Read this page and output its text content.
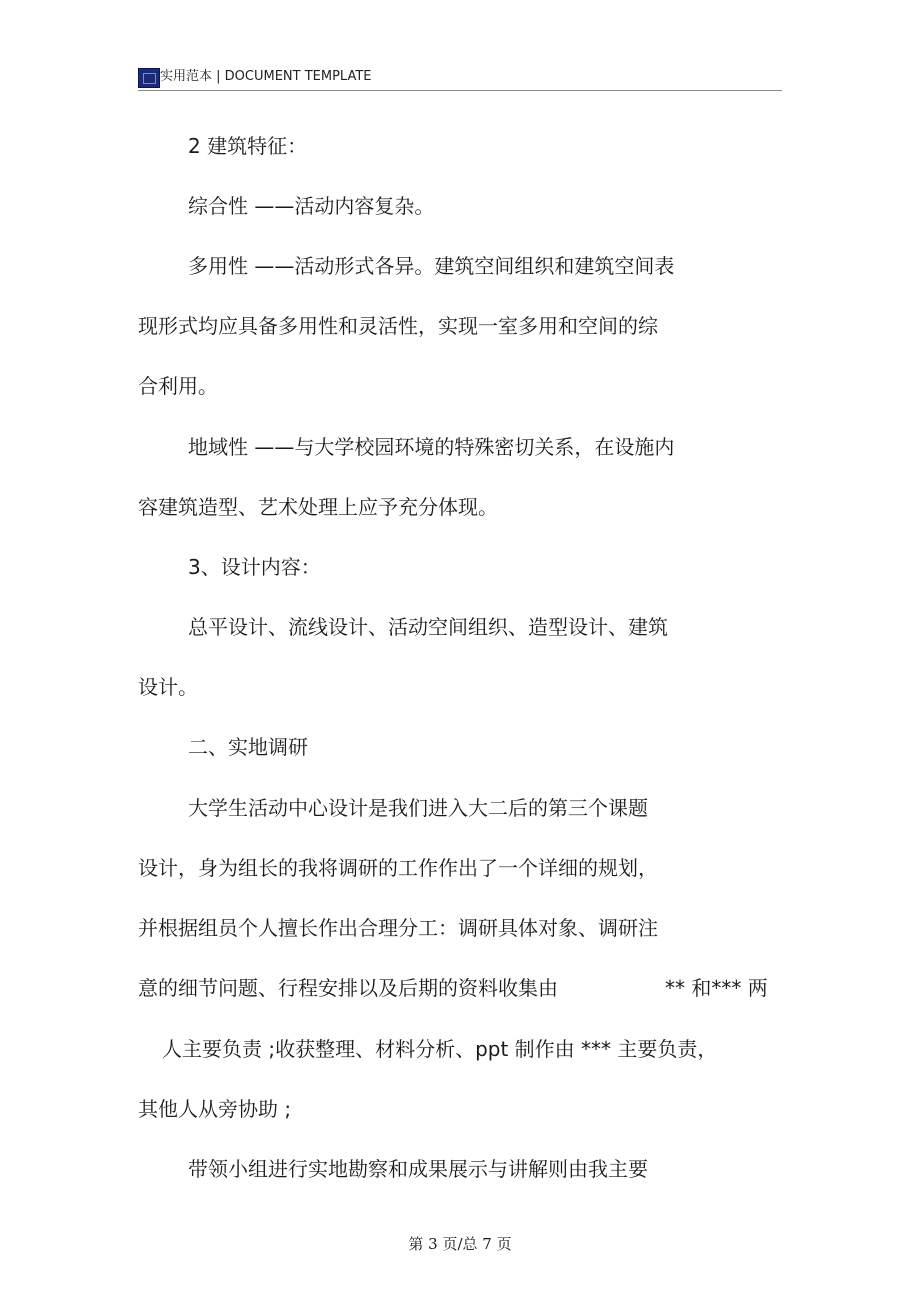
实用范本 | DOCUMENT TEMPLATE
2 建筑特征：
综合性 ——活动内容复杂。
多用性 ——活动形式各异。建筑空间组织和建筑空间表
现形式均应具备多用性和灵活性，实现一室多用和空间的综
合利用。
地域性 ——与大学校园环境的特殊密切关系，在设施内
容建筑造型、艺术处理上应予充分体现。
3、设计内容：
总平设计、流线设计、活动空间组织、造型设计、建筑
设计。
二、实地调研
大学生活动中心设计是我们进入大二后的第三个课题
设计，身为组长的我将调研的工作作出了一个详细的规划，
并根据组员个人擅长作出合理分工：调研具体对象、调研注
意的细节问题、行程安排以及后期的资料收集由	** 和*** 两
人主要负责 ;收获整理、材料分析、ppt 制作由 *** 主要负责，
其他人从旁协助 ;
带领小组进行实地勘察和成果展示与讲解则由我主要
第 3 页/总 7 页
